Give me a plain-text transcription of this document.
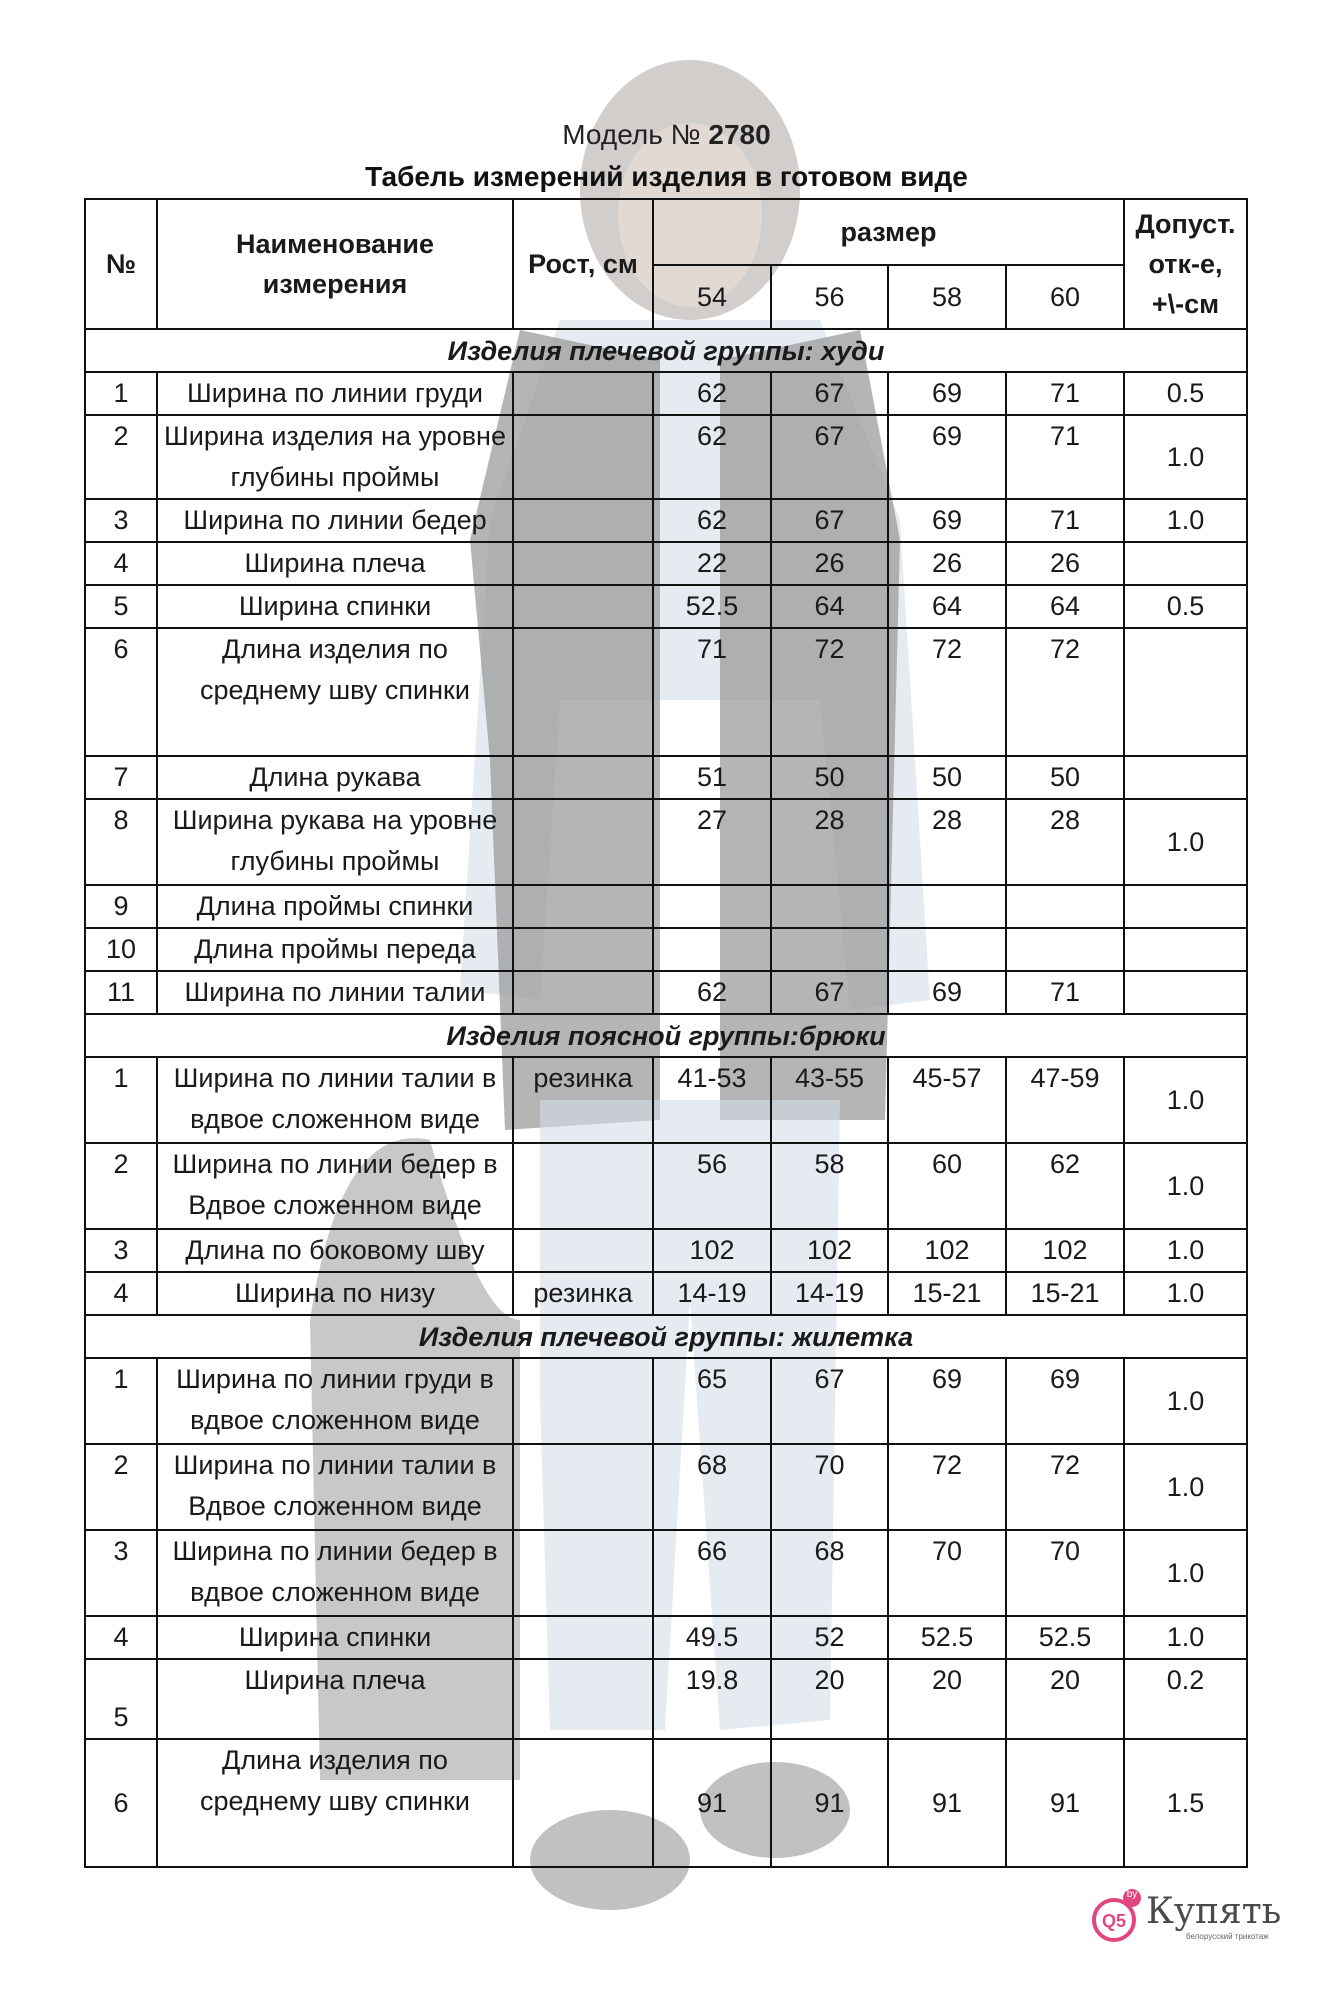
Модель № 2780
Табель измерений изделия в готовом виде
№	Наименование измерения	Рост, см	размер				Допуст. отк-е, +\-см
			54	56	58	60	
Изделия плечевой группы: худи							
1	Ширина по линии груди		62	67	69	71	0.5
2	Ширина изделия на уровне глубины проймы		62	67	69	71	1.0
3	Ширина по линии бедер		62	67	69	71	1.0
4	Ширина плеча		22	26	26	26	
5	Ширина спинки		52.5	64	64	64	0.5
6	Длина изделия по среднему шву спинки		71	72	72	72	
7	Длина рукава		51	50	50	50	
8	Ширина рукава на уровне глубины проймы		27	28	28	28	1.0
9	Длина проймы спинки						
10	Длина проймы переда						
11	Ширина по линии талии		62	67	69	71	
Изделия поясной группы:брюки							
1	Ширина по линии талии в вдвое сложенном виде	резинка	41-53	43-55	45-57	47-59	1.0
2	Ширина по линии бедер в Вдвое сложенном виде		56	58	60	62	1.0
3	Длина по боковому шву		102	102	102	102	1.0
4	Ширина по низу	резинка	14-19	14-19	15-21	15-21	1.0
Изделия плечевой группы: жилетка							
1	Ширина по линии груди в вдвое сложенном виде		65	67	69	69	1.0
2	Ширина по линии талии в Вдвое сложенном виде		68	70	72	72	1.0
3	Ширина по линии бедер в вдвое сложенном виде		66	68	70	70	1.0
4	Ширина спинки		49.5	52	52.5	52.5	1.0
5	Ширина плеча		19.8	20	20	20	0.2
6	Длина изделия по среднему шву спинки		91	91	91	91	1.5
Q5
by Купять
белорусский трикотаж
